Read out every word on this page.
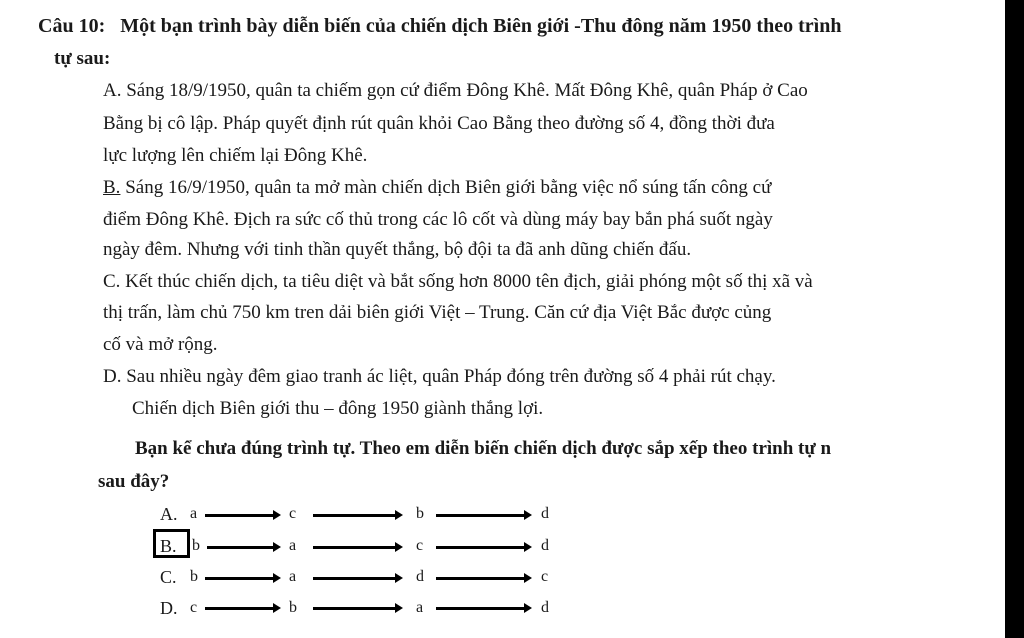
Câu 10: Một bạn trình bày diễn biến của chiến dịch Biên giới -Thu đông năm 1950 theo trình
tự sau:
A. Sáng 18/9/1950, quân ta chiếm gọn cứ điểm Đông Khê. Mất Đông Khê, quân Pháp ở Cao
Bằng bị cô lập. Pháp quyết định rút quân khỏi Cao Bằng theo đường số 4, đồng thời đưa
lực lượng lên chiếm lại Đông Khê.
B. Sáng 16/9/1950, quân ta mở màn chiến dịch Biên giới bằng việc nổ súng tấn công cứ
điểm Đông Khê. Địch ra sức cố thủ trong các lô cốt và dùng máy bay bắn phá suốt ngày
ngày đêm. Nhưng với tinh thần quyết thắng, bộ đội ta đã anh dũng chiến đấu.
C. Kết thúc chiến dịch, ta tiêu diệt và bắt sống hơn 8000 tên địch, giải phóng một số thị xã và
thị trấn, làm chủ 750 km tren dải biên giới Việt – Trung. Căn cứ địa Việt Bắc được củng
cố và mở rộng.
D. Sau nhiều ngày đêm giao tranh ác liệt, quân Pháp đóng trên đường số 4 phải rút chạy.
Chiến dịch Biên giới thu – đông 1950 giành thắng lợi.
Bạn kể chưa đúng trình tự. Theo em diễn biến chiến dịch được sắp xếp theo trình tự n
sau đây?
A. a	c	b	d
B. b	a	c	d
C. b	a	d	c
D. c	b	a	d
B.
